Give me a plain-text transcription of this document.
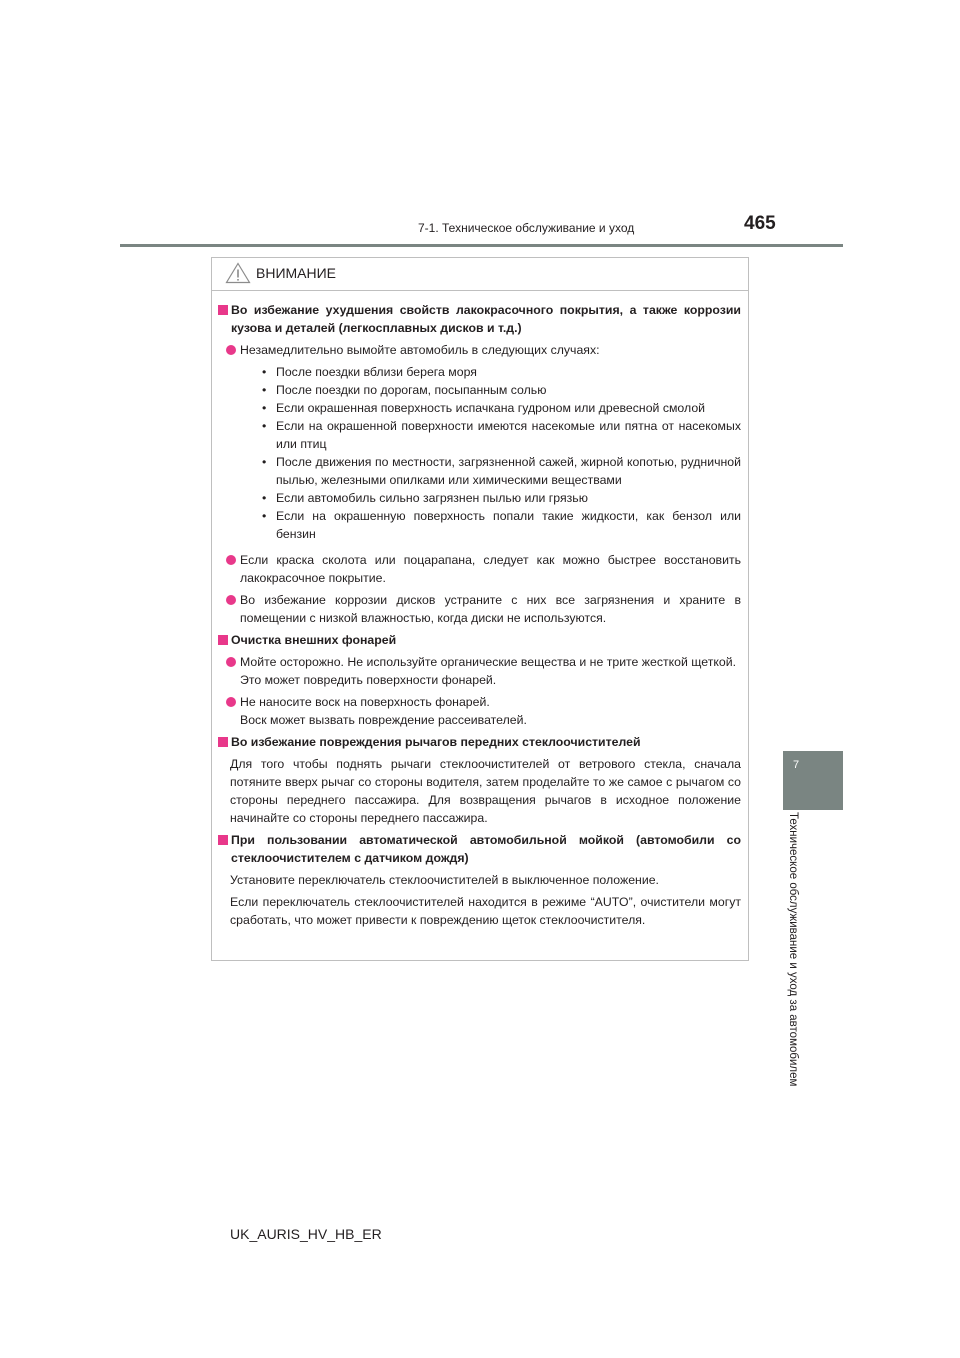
7-1. Техническое обслуживание и уход	465
7
Техническое обслуживание и уход за автомобилем
UK_AURIS_HV_HB_ER
ВНИМАНИЕ
Во избежание ухудшения свойств лакокрасочного покрытия, а также коррозии кузова и деталей (легкосплавных дисков и т.д.)
Незамедлительно вымойте автомобиль в следующих случаях:
• После поездки вблизи берега моря
• После поездки по дорогам, посыпанным солью
• Если окрашенная поверхность испачкана гудроном или древесной смолой
• Если на окрашенной поверхности имеются насекомые или пятна от насекомых или птиц
• После движения по местности, загрязненной сажей, жирной копотью, рудничной пылью, железными опилками или химическими веществами
• Если автомобиль сильно загрязнен пылью или грязью
• Если на окрашенную поверхность попали такие жидкости, как бензол или бензин
Если краска сколота или поцарапана, следует как можно быстрее восстановить лакокрасочное покрытие.
Во избежание коррозии дисков устраните с них все загрязнения и храните в помещении с низкой влажностью, когда диски не используются.
Очистка внешних фонарей
Мойте осторожно. Не используйте органические вещества и не трите жесткой щеткой.
Это может повредить поверхности фонарей.
Не наносите воск на поверхность фонарей.
Воск может вызвать повреждение рассеивателей.
Во избежание повреждения рычагов передних стеклоочистителей
Для того чтобы поднять рычаги стеклоочистителей от ветрового стекла, сначала потяните вверх рычаг со стороны водителя, затем проделайте то же самое с рычагом со стороны переднего пассажира. Для возвращения рычагов в исходное положение начинайте со стороны переднего пассажира.
При пользовании автоматической автомобильной мойкой (автомобили со стеклоочистителем с датчиком дождя)
Установите переключатель стеклоочистителей в выключенное положение.
Если переключатель стеклоочистителей находится в режиме “AUTO”, очистители могут сработать, что может привести к повреждению щеток стеклоочистителя.
